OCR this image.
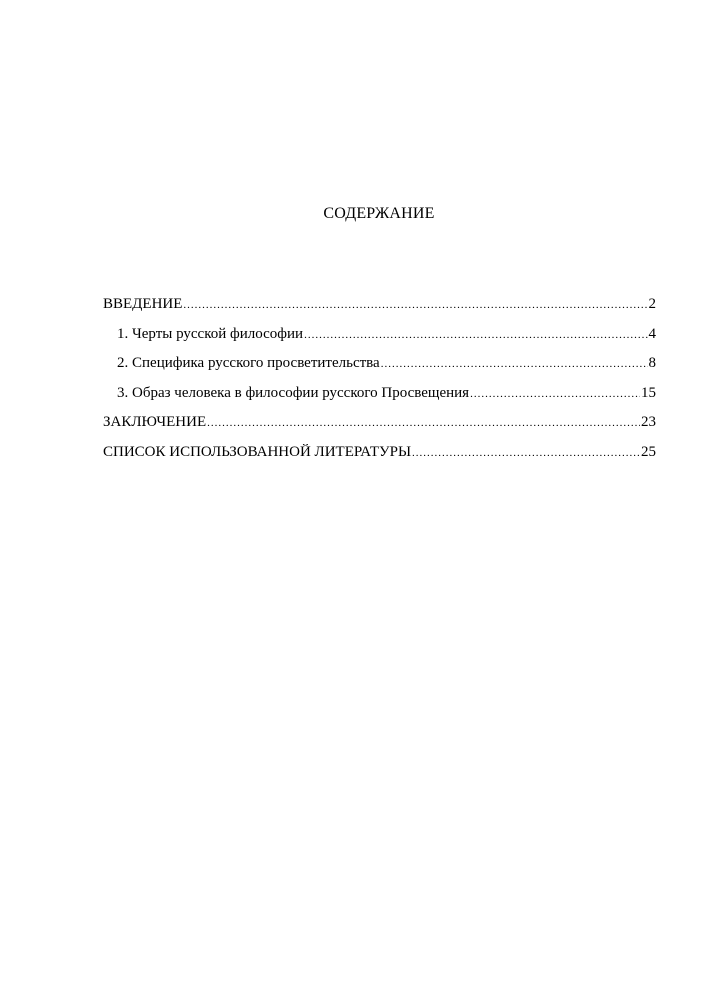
СОДЕРЖАНИЕ
ВВЕДЕНИЕ .....	2
1. Черты русской философии .....	4
2. Специфика русского просветительства .....	8
3. Образ человека в философии русского Просвещения .....	15
ЗАКЛЮЧЕНИЕ .....	23
СПИСОК ИСПОЛЬЗОВАННОЙ ЛИТЕРАТУРЫ .....	25
